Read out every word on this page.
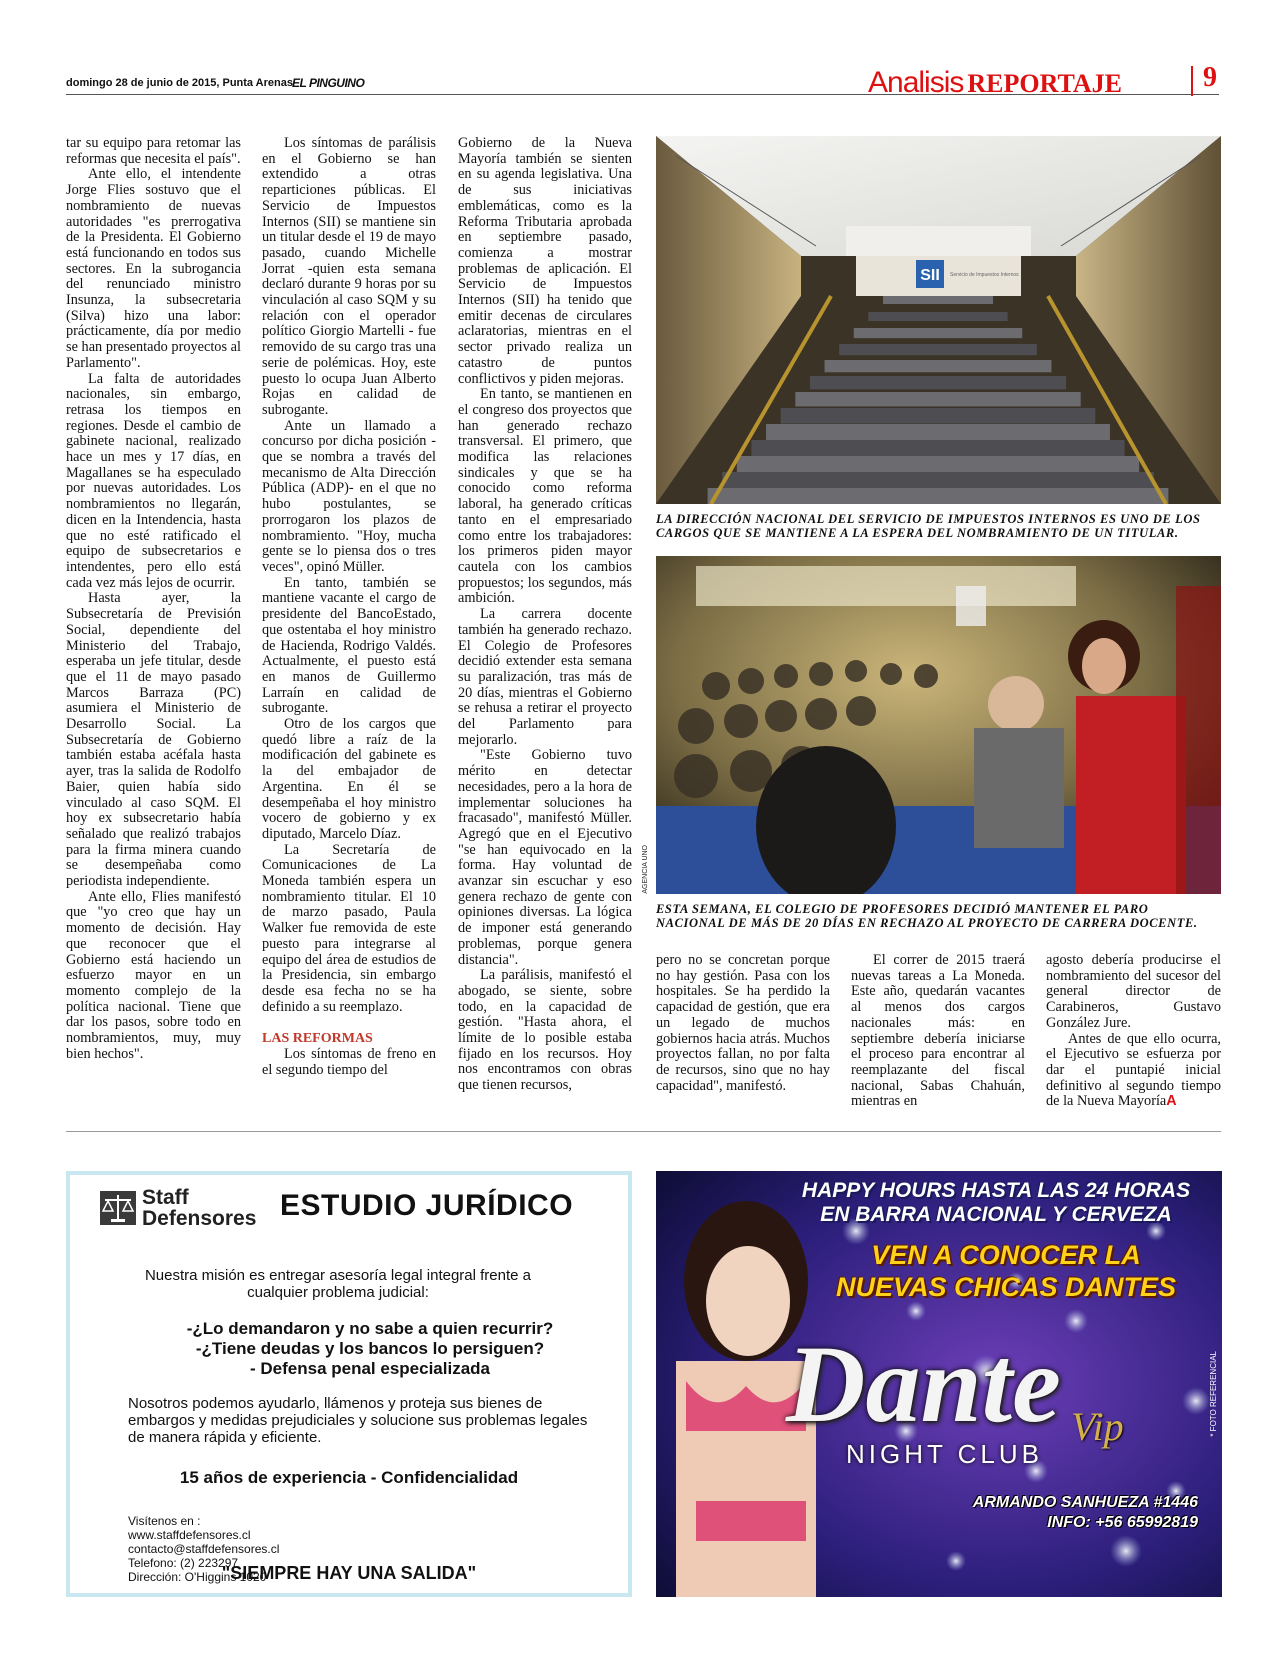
domingo 28 de junio de 2015, Punta Arenas EL PINGUINO	Analisis REPORTAJE	9

tar su equipo para retomar las reformas que necesita el país".

Ante ello, el intendente Jorge Flies sostuvo que el nombramiento de nuevas autoridades "es prerrogativa de la Presidenta. El Gobierno está funcionando en todos sus sectores. En la subrogancia del renunciado ministro Insunza, la subsecretaria (Silva) hizo una labor: prácticamente, día por medio se han presentado proyectos al Parlamento".

La falta de autoridades nacionales, sin embargo, retrasa los tiempos en regiones. Desde el cambio de gabinete nacional, realizado hace un mes y 17 días, en Magallanes se ha especulado por nuevas autoridades. Los nombramientos no llegarán, dicen en la Intendencia, hasta que no esté ratificado el equipo de subsecretarios e intendentes, pero ello está cada vez más lejos de ocurrir.

Hasta ayer, la Subsecretaría de Previsión Social, dependiente del Ministerio del Trabajo, esperaba un jefe titular, desde que el 11 de mayo pasado Marcos Barraza (PC) asumiera el Ministerio de Desarrollo Social. La Subsecretaría de Gobierno también estaba acéfala hasta ayer, tras la salida de Rodolfo Baier, quien había sido vinculado al caso SQM. El hoy ex subsecretario había señalado que realizó trabajos para la firma minera cuando se desempeñaba como periodista independiente.

Ante ello, Flies manifestó que "yo creo que hay un momento de decisión. Hay que reconocer que el Gobierno está haciendo un esfuerzo mayor en un momento complejo de la política nacional. Tiene que dar los pasos, sobre todo en nombramientos, muy, muy bien hechos".

Los síntomas de parálisis en el Gobierno se han extendido a otras reparticiones públicas. El Servicio de Impuestos Internos (SII) se mantiene sin un titular desde el 19 de mayo pasado, cuando Michelle Jorrat -quien esta semana declaró durante 9 horas por su vinculación al caso SQM y su relación con el operador político Giorgio Martelli - fue removido de su cargo tras una serie de polémicas. Hoy, este puesto lo ocupa Juan Alberto Rojas en calidad de subrogante.

Ante un llamado a concurso por dicha posición -que se nombra a través del mecanismo de Alta Dirección Pública (ADP)- en el que no hubo postulantes, se prorrogaron los plazos de nombramiento. "Hoy, mucha gente se lo piensa dos o tres veces", opinó Müller.

En tanto, también se mantiene vacante el cargo de presidente del BancoEstado, que ostentaba el hoy ministro de Hacienda, Rodrigo Valdés. Actualmente, el puesto está en manos de Guillermo Larraín en calidad de subrogante.

Otro de los cargos que quedó libre a raíz de la modificación del gabinete es la del embajador de Argentina. En él se desempeñaba el hoy ministro vocero de gobierno y ex diputado, Marcelo Díaz.

La Secretaría de Comunicaciones de La Moneda también espera un nombramiento titular. El 10 de marzo pasado, Paula Walker fue removida de este puesto para integrarse al equipo del área de estudios de la Presidencia, sin embargo desde esa fecha no se ha definido a su reemplazo.

LAS REFORMAS

Los síntomas de freno en el segundo tiempo del

Gobierno de la Nueva Mayoría también se sienten en su agenda legislativa. Una de sus iniciativas emblemáticas, como es la Reforma Tributaria aprobada en septiembre pasado, comienza a mostrar problemas de aplicación. El Servicio de Impuestos Internos (SII) ha tenido que emitir decenas de circulares aclaratorias, mientras en el sector privado realiza un catastro de puntos conflictivos y piden mejoras.

En tanto, se mantienen en el congreso dos proyectos que han generado rechazo transversal. El primero, que modifica las relaciones sindicales y que se ha conocido como reforma laboral, ha generado críticas tanto en el empresariado como entre los trabajadores: los primeros piden mayor cautela con los cambios propuestos; los segundos, más ambición.

La carrera docente también ha generado rechazo. El Colegio de Profesores decidió extender esta semana su paralización, tras más de 20 días, mientras el Gobierno se rehusa a retirar el proyecto del Parlamento para mejorarlo.

"Este Gobierno tuvo mérito en detectar necesidades, pero a la hora de implementar soluciones ha fracasado", manifestó Müller. Agregó que en el Ejecutivo "se han equivocado en la forma. Hay voluntad de avanzar sin escuchar y eso genera rechazo de gente con opiniones diversas. La lógica de imponer está generando problemas, porque genera distancia".

La parálisis, manifestó el abogado, se siente, sobre todo, en la capacidad de gestión. "Hasta ahora, el límite de lo posible estaba fijado en los recursos. Hoy nos encontramos con obras que tienen recursos,

SII Servicio de Impuestos Internos
LA DIRECCIÓN NACIONAL DEL SERVICIO DE IMPUESTOS INTERNOS ES UNO DE LOS CARGOS QUE SE MANTIENE A LA ESPERA DEL NOMBRAMIENTO DE UN TITULAR.
AGENCIA UNO
ESTA SEMANA, EL COLEGIO DE PROFESORES DECIDIÓ MANTENER EL PARO NACIONAL DE MÁS DE 20 DÍAS EN RECHAZO AL PROYECTO DE CARRERA DOCENTE.

pero no se concretan porque no hay gestión. Pasa con los hospitales. Se ha perdido la capacidad de gestión, que era un legado de muchos gobiernos hacia atrás. Muchos proyectos fallan, no por falta de recursos, sino que no hay capacidad", manifestó.

El correr de 2015 traerá nuevas tareas a La Moneda. Este año, quedarán vacantes al menos dos cargos nacionales más: en septiembre debería iniciarse el proceso para encontrar al reemplazante del fiscal nacional, Sabas Chahuán, mientras en

agosto debería producirse el nombramiento del sucesor del general director de Carabineros, Gustavo González Jure.

Antes de que ello ocurra, el Ejecutivo se esfuerza por dar el puntapié inicial definitivo al segundo tiempo de la Nueva MayoríaA

Staff
Defensores ESTUDIO JURÍDICO
Nuestra misión es entregar asesoría legal integral frente a cualquier problema judicial:
-¿Lo demandaron y no sabe a quien recurrir?
-¿Tiene deudas y los bancos lo persiguen?
- Defensa penal especializada
Nosotros podemos ayudarlo, llámenos y proteja sus bienes de embargos y medidas prejudiciales y solucione sus problemas legales de manera rápida y eficiente.
15 años de experiencia - Confidencialidad
Visítenos en :
www.staffdefensores.cl
contacto@staffdefensores.cl
Telefono: (2) 223297
Dirección: O'Higgins 1020
"SIEMPRE HAY UNA SALIDA"
HAPPY HOURS HASTA LAS 24 HORAS
EN BARRA NACIONAL Y CERVEZA
VEN A CONOCER LA
NUEVAS CHICAS DANTES
Dante Vip
NIGHT CLUB
ARMANDO SANHUEZA #1446
INFO: +56 65992819
* FOTO REFERENCIAL
